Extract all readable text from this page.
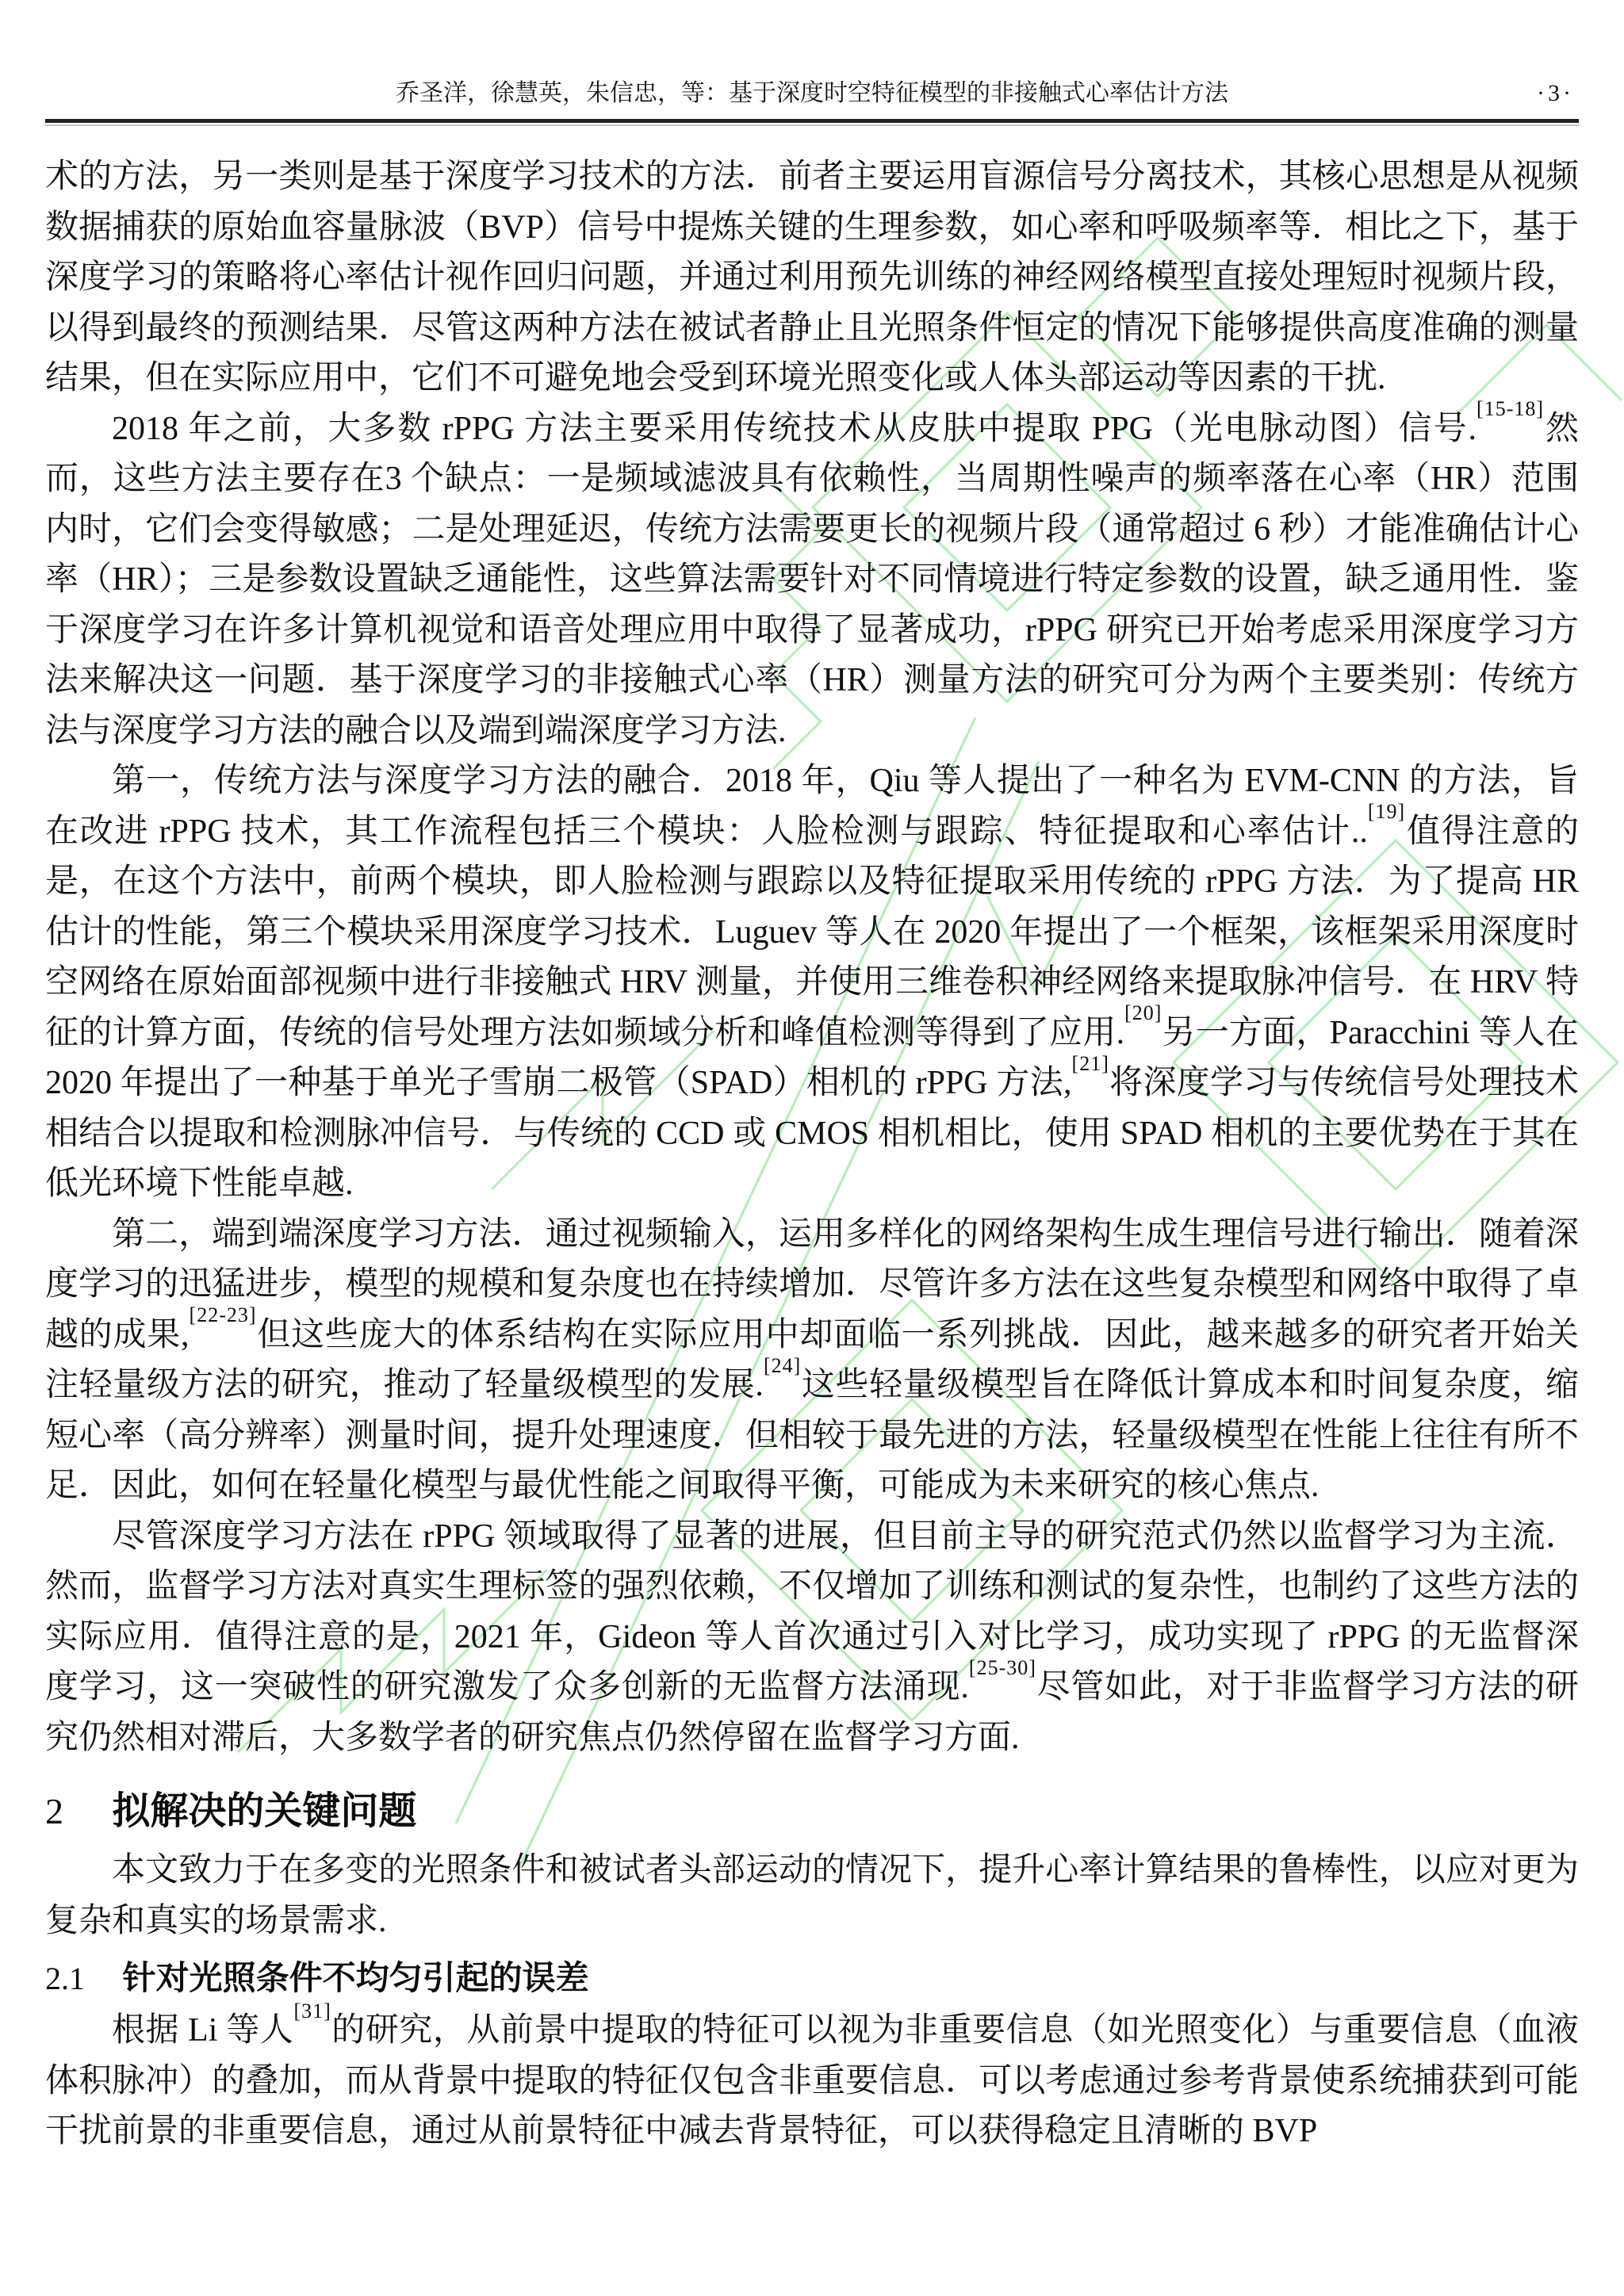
乔圣洋，徐慧英，朱信忠，等：基于深度时空特征模型的非接触式心率估计方法	·3·

术的方法，另一类则是基于深度学习技术的方法．前者主要运用盲源信号分离技术，其核心思想是从视频数据捕获的原始血容量脉波（BVP）信号中提炼关键的生理参数，如心率和呼吸频率等．相比之下，基于深度学习的策略将心率估计视作回归问题，并通过利用预先训练的神经网络模型直接处理短时视频片段，以得到最终的预测结果．尽管这两种方法在被试者静止且光照条件恒定的情况下能够提供高度准确的测量结果，但在实际应用中，它们不可避免地会受到环境光照变化或人体头部运动等因素的干扰.

2018 年之前，大多数 rPPG 方法主要采用传统技术从皮肤中提取 PPG（光电脉动图）信号.[15-18]然而，这些方法主要存在3 个缺点：一是频域滤波具有依赖性，当周期性噪声的频率落在心率（HR）范围内时，它们会变得敏感；二是处理延迟，传统方法需要更长的视频片段（通常超过 6 秒）才能准确估计心率（HR）；三是参数设置缺乏通能性，这些算法需要针对不同情境进行特定参数的设置，缺乏通用性．鉴于深度学习在许多计算机视觉和语音处理应用中取得了显著成功，rPPG 研究已开始考虑采用深度学习方法来解决这一问题．基于深度学习的非接触式心率（HR）测量方法的研究可分为两个主要类别：传统方法与深度学习方法的融合以及端到端深度学习方法.

第一，传统方法与深度学习方法的融合．2018 年，Qiu 等人提出了一种名为 EVM-CNN 的方法，旨在改进 rPPG 技术，其工作流程包括三个模块：人脸检测与跟踪、特征提取和心率估计..[19]值得注意的是，在这个方法中，前两个模块，即人脸检测与跟踪以及特征提取采用传统的 rPPG 方法．为了提高 HR 估计的性能，第三个模块采用深度学习技术．Luguev 等人在 2020 年提出了一个框架，该框架采用深度时空网络在原始面部视频中进行非接触式 HRV 测量，并使用三维卷积神经网络来提取脉冲信号．在 HRV 特征的计算方面，传统的信号处理方法如频域分析和峰值检测等得到了应用.[20]另一方面，Paracchini 等人在 2020 年提出了一种基于单光子雪崩二极管（SPAD）相机的 rPPG 方法,[21]将深度学习与传统信号处理技术相结合以提取和检测脉冲信号．与传统的 CCD 或 CMOS 相机相比，使用 SPAD 相机的主要优势在于其在低光环境下性能卓越.

第二，端到端深度学习方法．通过视频输入，运用多样化的网络架构生成生理信号进行输出．随着深度学习的迅猛进步，模型的规模和复杂度也在持续增加．尽管许多方法在这些复杂模型和网络中取得了卓越的成果,[22-23]但这些庞大的体系结构在实际应用中却面临一系列挑战．因此，越来越多的研究者开始关注轻量级方法的研究，推动了轻量级模型的发展.[24]这些轻量级模型旨在降低计算成本和时间复杂度，缩短心率（高分辨率）测量时间，提升处理速度．但相较于最先进的方法，轻量级模型在性能上往往有所不足．因此，如何在轻量化模型与最优性能之间取得平衡，可能成为未来研究的核心焦点.

尽管深度学习方法在 rPPG 领域取得了显著的进展，但目前主导的研究范式仍然以监督学习为主流．然而，监督学习方法对真实生理标签的强烈依赖，不仅增加了训练和测试的复杂性，也制约了这些方法的实际应用．值得注意的是，2021 年，Gideon 等人首次通过引入对比学习，成功实现了 rPPG 的无监督深度学习，这一突破性的研究激发了众多创新的无监督方法涌现.[25-30]尽管如此，对于非监督学习方法的研究仍然相对滞后，大多数学者的研究焦点仍然停留在监督学习方面.

2 拟解决的关键问题

本文致力于在多变的光照条件和被试者头部运动的情况下，提升心率计算结果的鲁棒性，以应对更为复杂和真实的场景需求.

2.1 针对光照条件不均匀引起的误差

根据 Li 等人[31]的研究，从前景中提取的特征可以视为非重要信息（如光照变化）与重要信息（血液体积脉冲）的叠加，而从背景中提取的特征仅包含非重要信息．可以考虑通过参考背景使系统捕获到可能干扰前景的非重要信息，通过从前景特征中减去背景特征，可以获得稳定且清晰的 BVP
